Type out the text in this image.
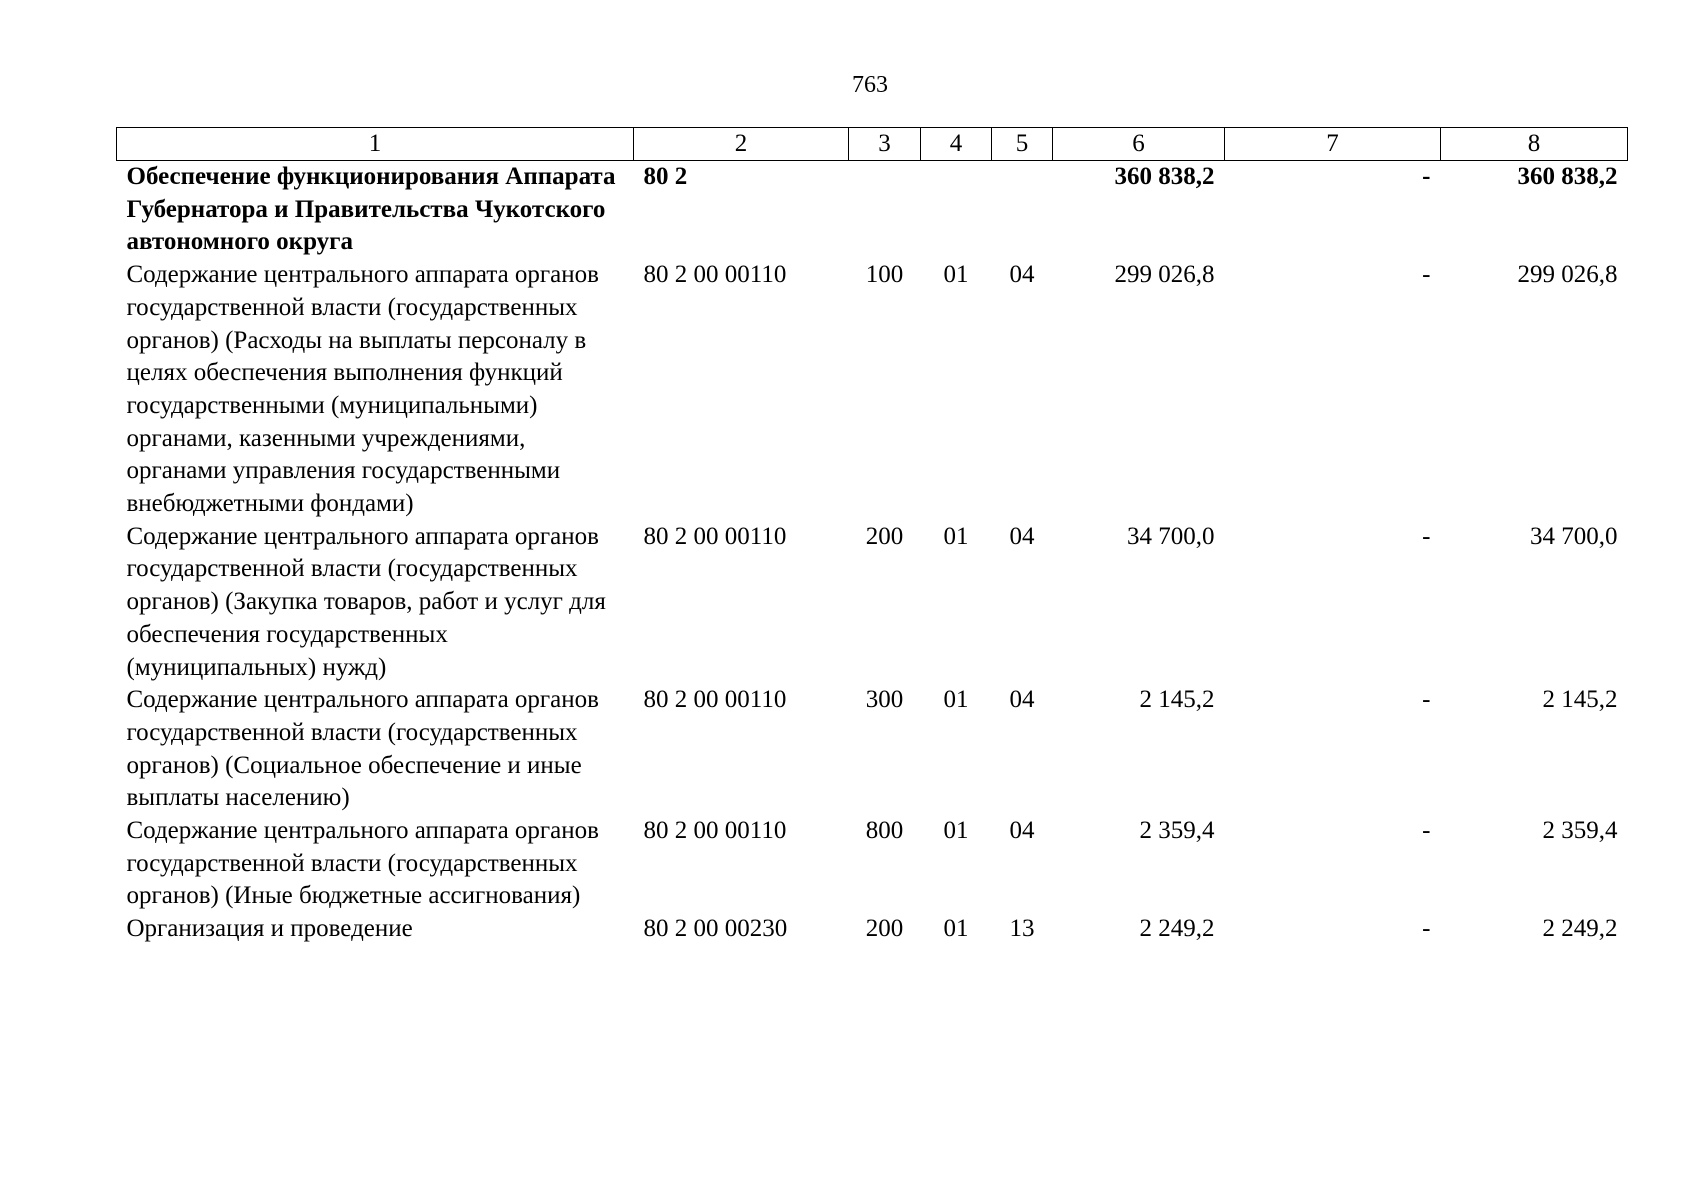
763
1	2	3	4	5	6	7	8
Обеспечение функционирования Аппарата Губернатора и Правительства Чукотского автономного округа	80 2				360 838,2	-	360 838,2
Содержание центрального аппарата органов государственной власти (государственных органов) (Расходы на выплаты персоналу в целях обеспечения выполнения функций государственными (муниципальными) органами, казенными учреждениями, органами управления государственными внебюджетными фондами)	80 2 00 00110	100	01	04	299 026,8	-	299 026,8
Содержание центрального аппарата органов государственной власти (государственных органов) (Закупка товаров, работ и услуг для обеспечения государственных (муниципальных) нужд)	80 2 00 00110	200	01	04	34 700,0	-	34 700,0
Содержание центрального аппарата органов государственной власти (государственных органов) (Социальное обеспечение и иные выплаты населению)	80 2 00 00110	300	01	04	2 145,2	-	2 145,2
Содержание центрального аппарата органов государственной власти (государственных органов) (Иные бюджетные ассигнования)	80 2 00 00110	800	01	04	2 359,4	-	2 359,4
Организация и проведение	80 2 00 00230	200	01	13	2 249,2	-	2 249,2
